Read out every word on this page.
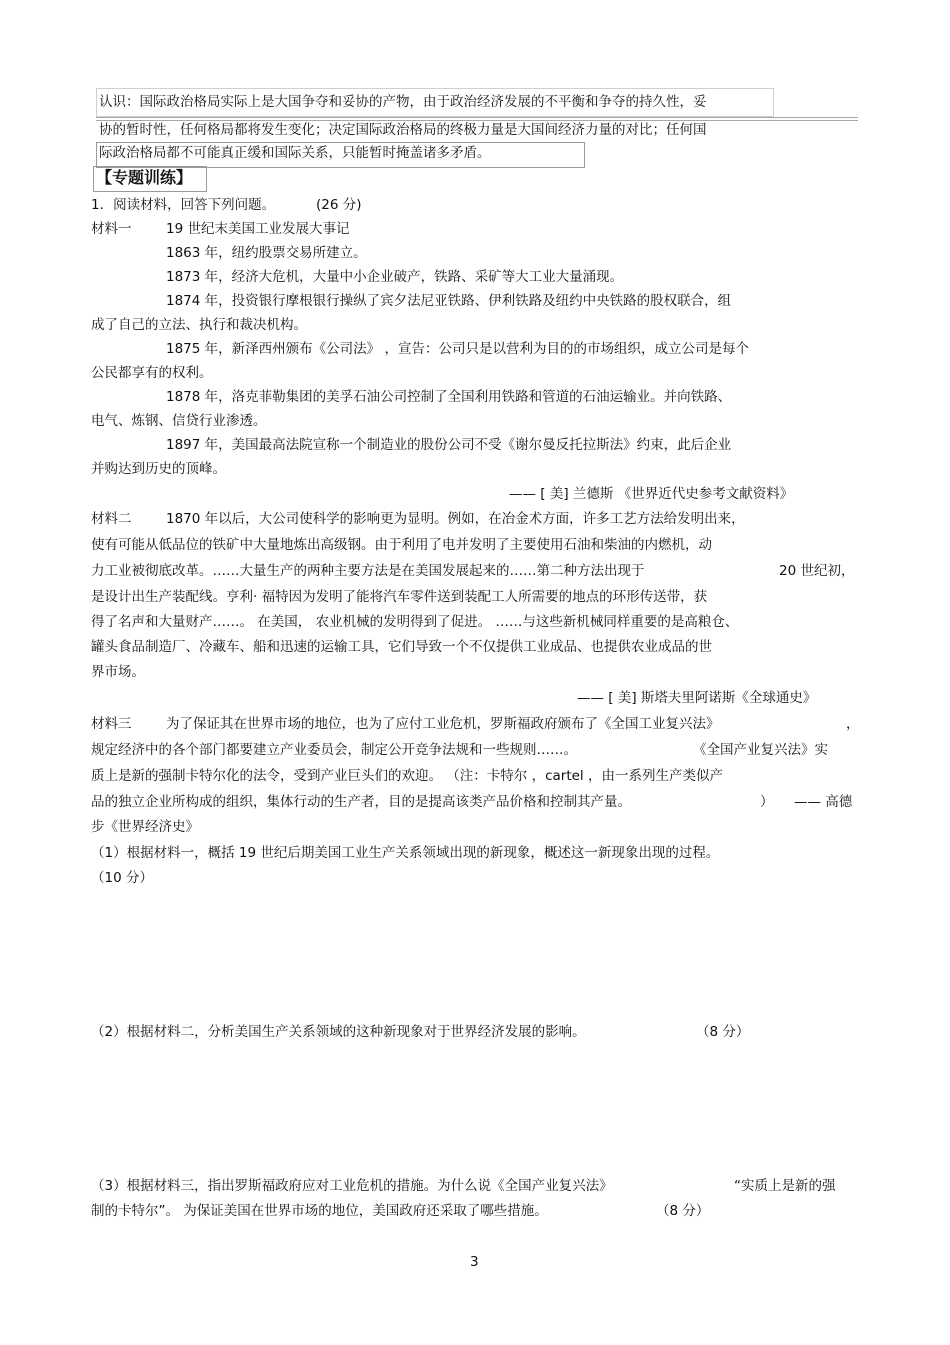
认识：国际政治格局实际上是大国争夺和妥协的产物，由于政治经济发展的不平衡和争夺的持久性，妥
协的暂时性，任何格局都将发生变化；决定国际政治格局的终极力量是大国间经济力量的对比；任何国
际政治格局都不可能真正缓和国际关系，只能暂时掩盖诸多矛盾。
【专题训练】
1．阅读材料，回答下列问题。	(26 分)
材料一	19 世纪末美国工业发展大事记
1863 年，纽约股票交易所建立。
1873 年，经济大危机，大量中小企业破产，铁路、采矿等大工业大量涌现。
1874 年，投资银行摩根银行操纵了宾夕法尼亚铁路、伊利铁路及纽约中央铁路的股权联合，组
成了自己的立法、执行和裁决机构。
1875 年，新泽西州颁布《公司法》 ，宣告：公司只是以营利为目的的市场组织，成立公司是每个
公民都享有的权利。
1878 年，洛克菲勒集团的美孚石油公司控制了全国利用铁路和管道的石油运输业。并向铁路、
电气、炼钢、信贷行业渗透。
1897 年，美国最高法院宣称一个制造业的股份公司不受《谢尔曼反托拉斯法》约束，此后企业
并购达到历史的顶峰。
—— [ 美] 兰德斯 《世界近代史参考文献资料》
材料二	1870 年以后，大公司使科学的影响更为显明。例如，在冶金术方面，许多工艺方法给发明出来，
使有可能从低品位的铁矿中大量地炼出高级钢。由于利用了电并发明了主要使用石油和柴油的内燃机，动
力工业被彻底改革。……大量生产的两种主要方法是在美国发展起来的……第二种方法出现于	20 世纪初，
是设计出生产装配线。亨利· 福特因为发明了能将汽车零件送到装配工人所需要的地点的环形传送带，获
得了名声和大量财产……。 在美国， 农业机械的发明得到了促进。 ……与这些新机械同样重要的是高粮仓、
罐头食品制造厂、冷藏车、船和迅速的运输工具，它们导致一个不仅提供工业成品、也提供农业成品的世
界市场。
—— [ 美] 斯塔夫里阿诺斯《全球通史》
材料三	为了保证其在世界市场的地位，也为了应付工业危机，罗斯福政府颁布了《全国工业复兴法》	，
规定经济中的各个部门都要建立产业委员会，制定公开竞争法规和一些规则……。	《全国产业复兴法》实
质上是新的强制卡特尔化的法令，受到产业巨头们的欢迎。 （注：卡特尔 ，cartel ，由一系列生产类似产
品的独立企业所构成的组织，集体行动的生产者，目的是提高该类产品价格和控制其产量。	） —— 高德
步《世界经济史》
（1）根据材料一，概括 19 世纪后期美国工业生产关系领域出现的新现象，概述这一新现象出现的过程。
（10 分）
（2）根据材料二，分析美国生产关系领域的这种新现象对于世界经济发展的影响。	（8 分）
（3）根据材料三，指出罗斯福政府应对工业危机的措施。为什么说《全国产业复兴法》	“实质上是新的强
制的卡特尔”。 为保证美国在世界市场的地位，美国政府还采取了哪些措施。	（8 分）
3
